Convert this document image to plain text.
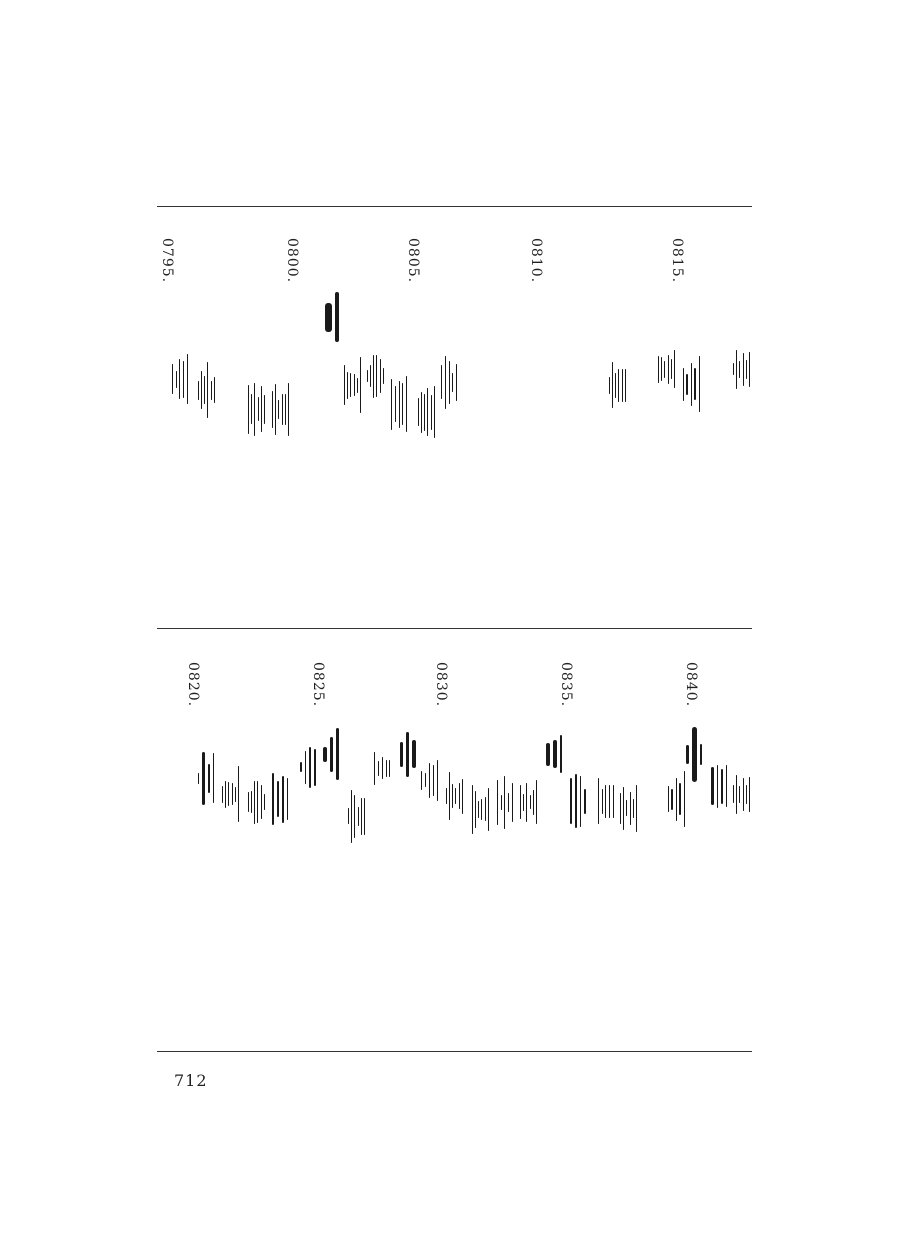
0815.
0810.
0805.
0800.
0795.
0840.
0835.
0830.
0825.
0820.
712
